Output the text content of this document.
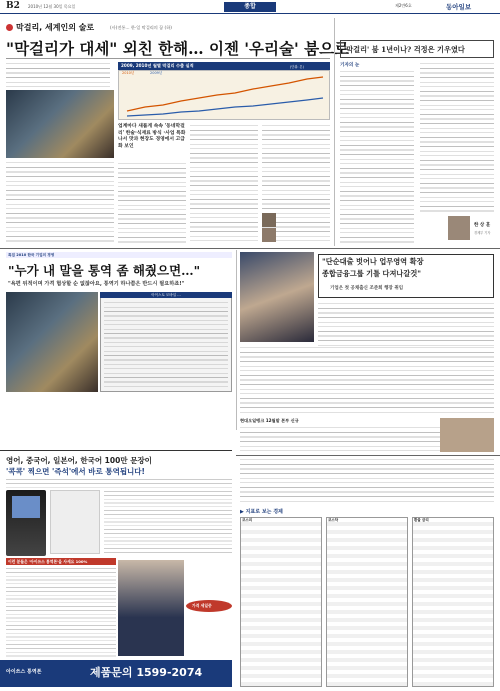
B2 2010년 12월 30일 목요일	종합	제2만6호	동아일보
막걸리, 세계인의 술로	(사)전통… 한·일 막걸리의 꿈 (하)
"막걸리가 대세" 외친 한해… 이젠 '우리술' 붐으로
2009, 2010년 월별 막걸리 수출 실적	(단위: 톤)
2010년	2009년
업계마다 새롭게 속속 '동네막걸리' 한술·식재료 방식 ·사업 특화 나서 맛과 현장도 경영에서 고급화 보인
'막걸리' 붐 1년이나? 걱정은 기우였다
기자의 눈
한 상 훈
경제부 기자
특집 2010 한국 기업의 경영
"누가 내 말을 통역 좀 해줬으면…"
"욕편 뒤적이며 가격 협상할 순 없잖아요, 통역기 하나쯤은 반드시 필요하죠!"
아이스토 모바일 …
"단순대출 벗어나 업무영역 확장
종합금융그룹 기틀 다져나갈것"
기업은 첫 공채출신 조준희 행장 취임
현대오일뱅크 12월말 본부 신규
영어, 중국어, 일본어, 한국어 100만 문장이
'콕콕' 찍으면 '즉석'에서 바로 통역됩니다!
이런 분들은 '아이쓰스 통역폰'을 사세요 100%
가격 세일중
아이쓰스 통역폰	제품문의 1599-2074
▶ 지표로 보는 경제
코스피	코스닥	환율 금리
